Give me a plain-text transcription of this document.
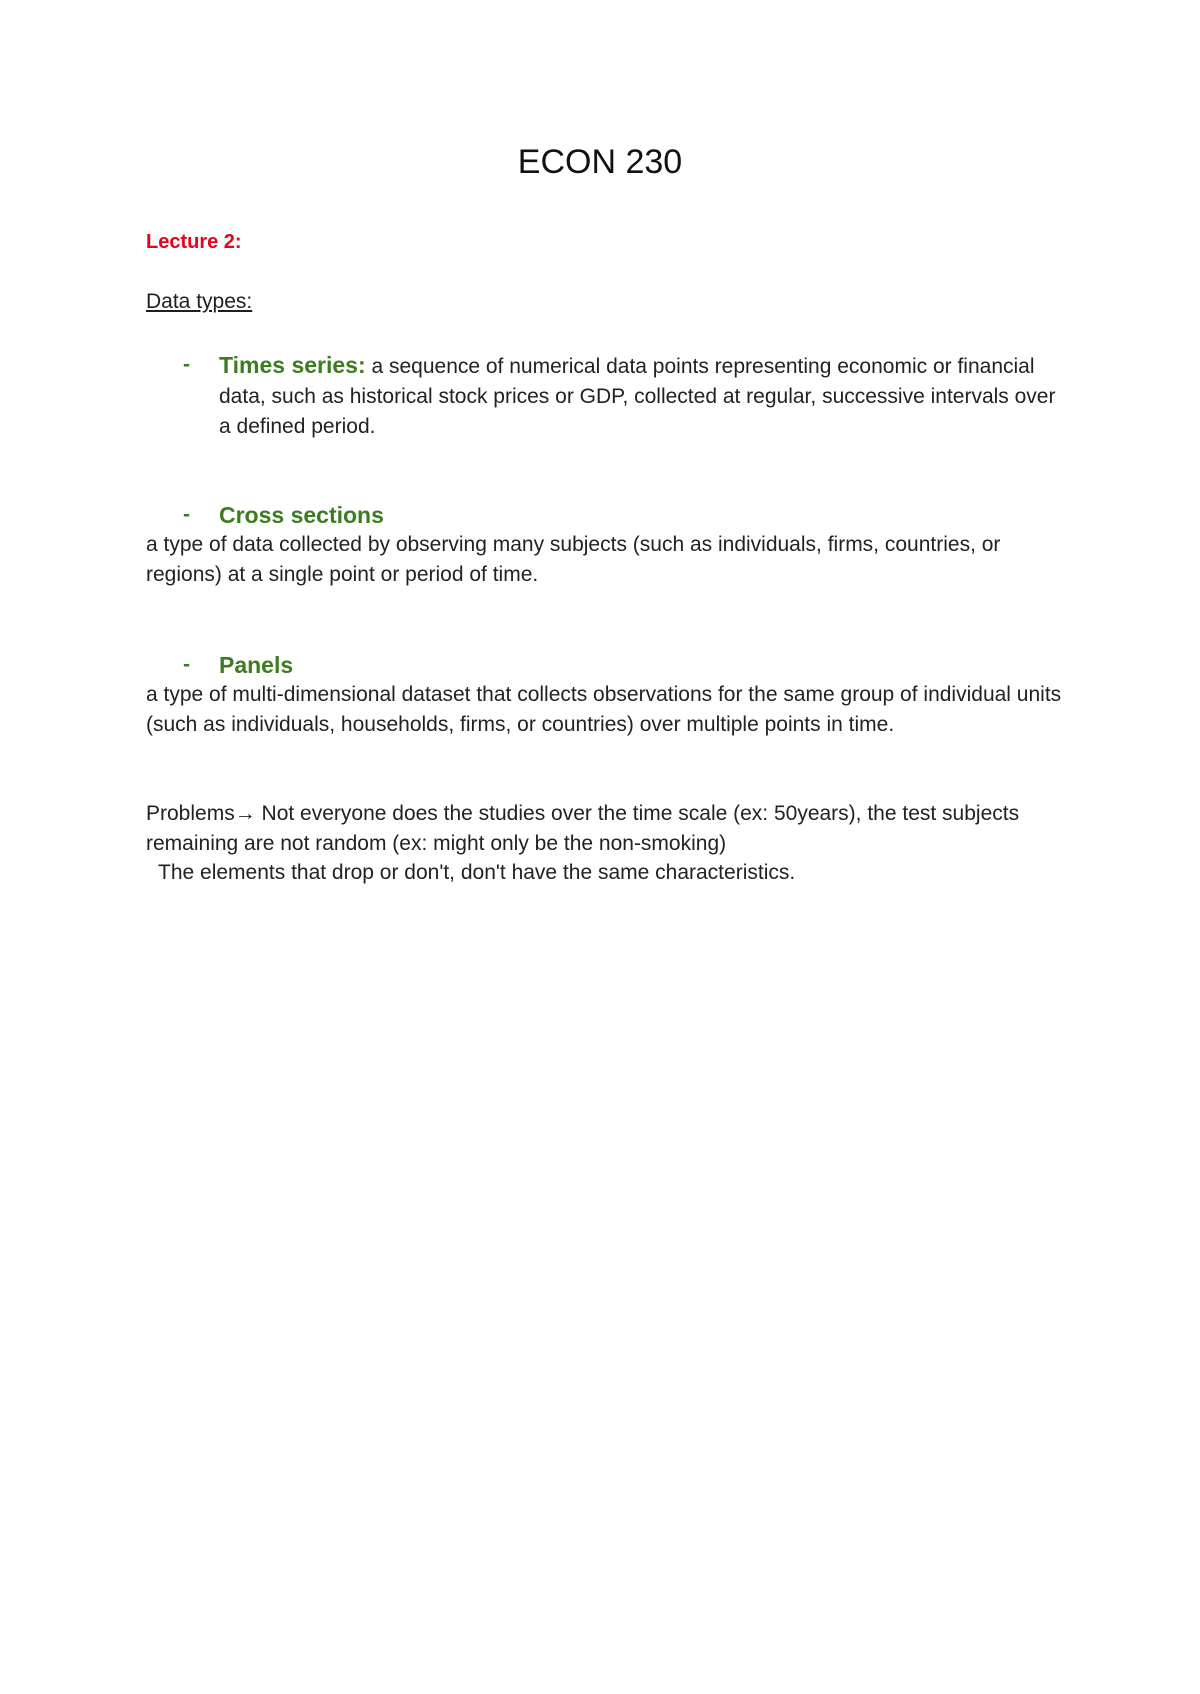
ECON 230
Lecture 2:
Data types:
- Times series: a sequence of numerical data points representing economic or financial data, such as historical stock prices or GDP, collected at regular, successive intervals over a defined period.
- Cross sections
a type of data collected by observing many subjects (such as individuals, firms, countries, or regions) at a single point or period of time.
- Panels
a type of multi-dimensional dataset that collects observations for the same group of individual units (such as individuals, households, firms, or countries) over multiple points in time.
Problems→ Not everyone does the studies over the time scale (ex: 50years), the test subjects remaining are not random (ex: might only be the non-smoking)
The elements that drop or don't, don't have the same characteristics.
